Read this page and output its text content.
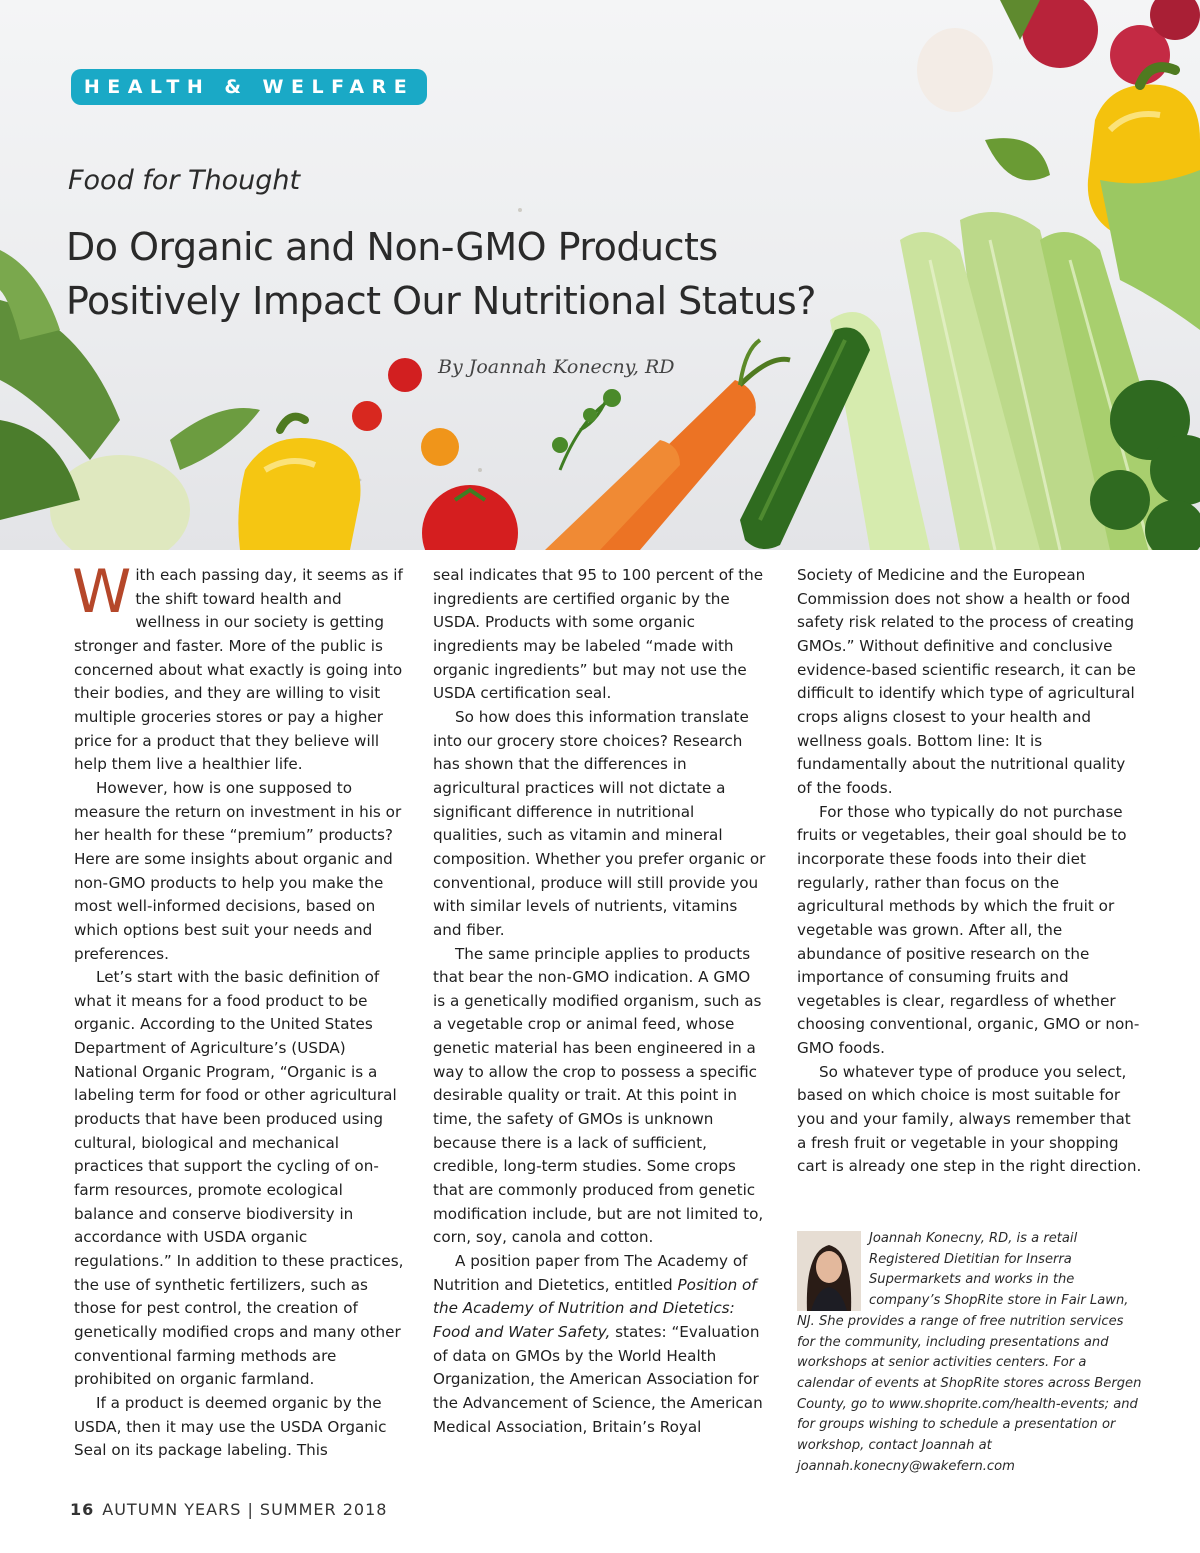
HEALTH & WELFARE
Food for Thought
Do Organic and Non-GMO Products
Positively Impact Our Nutritional Status?
By Joannah Konecny, RD

With each passing day, it seems as if the shift toward health and wellness in our society is getting stronger and faster. More of the public is concerned about what exactly is going into their bodies, and they are willing to visit multiple groceries stores or pay a higher price for a product that they believe will help them live a healthier life.

However, how is one supposed to measure the return on investment in his or her health for these “premium” products? Here are some insights about organic and non-GMO products to help you make the most well-informed decisions, based on which options best suit your needs and preferences.

Let’s start with the basic definition of what it means for a food product to be organic. According to the United States Department of Agriculture’s (USDA) National Organic Program, “Organic is a labeling term for food or other agricultural products that have been produced using cultural, biological and mechanical practices that support the cycling of on-farm resources, promote ecological balance and conserve biodiversity in accordance with USDA organic regulations.” In addition to these practices, the use of synthetic fertilizers, such as those for pest control, the creation of genetically modified crops and many other conventional farming methods are prohibited on organic farmland.

If a product is deemed organic by the USDA, then it may use the USDA Organic Seal on its package labeling. This

seal indicates that 95 to 100 percent of the ingredients are certified organic by the USDA. Products with some organic ingredients may be labeled “made with organic ingredients” but may not use the USDA certification seal.

So how does this information translate into our grocery store choices? Research has shown that the differences in agricultural practices will not dictate a significant difference in nutritional qualities, such as vitamin and mineral composition. Whether you prefer organic or conventional, produce will still provide you with similar levels of nutrients, vitamins and fiber.

The same principle applies to products that bear the non-GMO indication. A GMO is a genetically modified organism, such as a vegetable crop or animal feed, whose genetic material has been engineered in a way to allow the crop to possess a specific desirable quality or trait. At this point in time, the safety of GMOs is unknown because there is a lack of sufficient, credible, long-term studies. Some crops that are commonly produced from genetic modification include, but are not limited to, corn, soy, canola and cotton.

A position paper from The Academy of Nutrition and Dietetics, entitled Position of the Academy of Nutrition and Dietetics: Food and Water Safety, states: “Evaluation of data on GMOs by the World Health Organization, the American Association for the Advancement of Science, the American Medical Association, Britain’s Royal

Society of Medicine and the European Commission does not show a health or food safety risk related to the process of creating GMOs.” Without definitive and conclusive evidence-based scientific research, it can be difficult to identify which type of agricultural crops aligns closest to your health and wellness goals. Bottom line: It is fundamentally about the nutritional quality of the foods.

For those who typically do not purchase fruits or vegetables, their goal should be to incorporate these foods into their diet regularly, rather than focus on the agricultural methods by which the fruit or vegetable was grown. After all, the abundance of positive research on the importance of consuming fruits and vegetables is clear, regardless of whether choosing conventional, organic, GMO or non-GMO foods.

So whatever type of produce you select, based on which choice is most suitable for you and your family, always remember that a fresh fruit or vegetable in your shopping cart is already one step in the right direction.

Joannah Konecny, RD, is a retail Registered Dietitian for Inserra Supermarkets and works in the company’s ShopRite store in Fair Lawn, NJ. She provides a range of free nutrition services for the community, including presentations and workshops at senior activities centers. For a calendar of events at ShopRite stores across Bergen County, go to www.shoprite.com/health-events; and for groups wishing to schedule a presentation or workshop, contact Joannah at joannah.konecny@wakefern.com

16 AUTUMN YEARS | SUMMER 2018
